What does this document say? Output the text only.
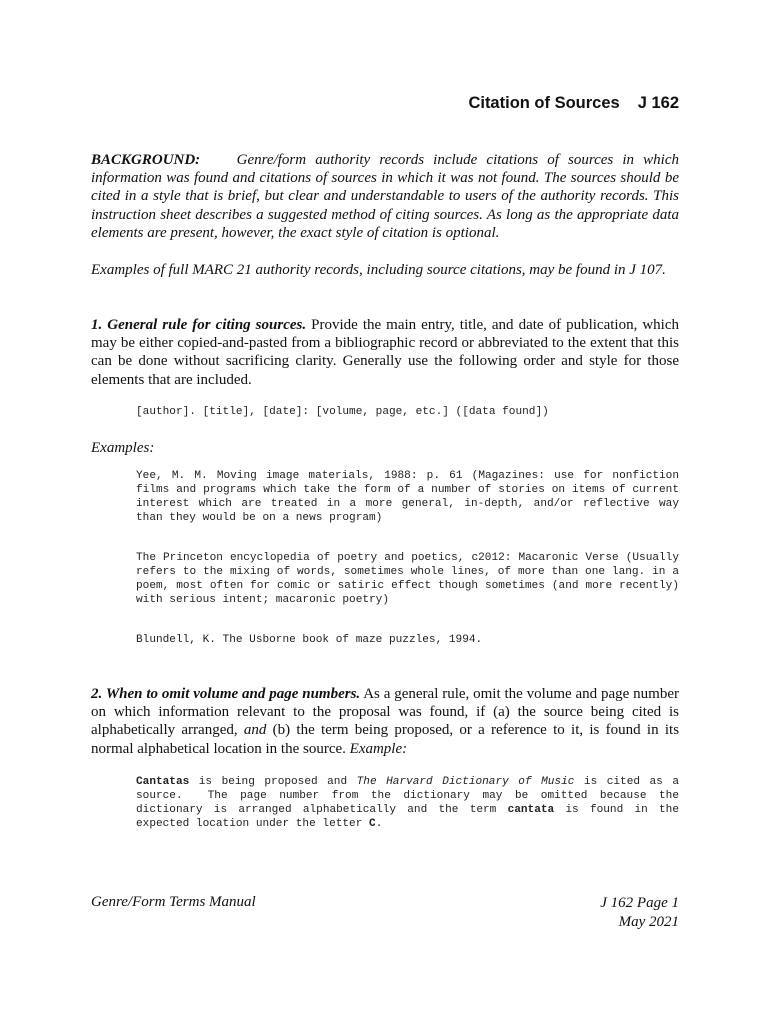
Citation of Sources J 162
BACKGROUND: Genre/form authority records include citations of sources in which information was found and citations of sources in which it was not found. The sources should be cited in a style that is brief, but clear and understandable to users of the authority records. This instruction sheet describes a suggested method of citing sources. As long as the appropriate data elements are present, however, the exact style of citation is optional.
Examples of full MARC 21 authority records, including source citations, may be found in J 107.
1. General rule for citing sources. Provide the main entry, title, and date of publication, which may be either copied-and-pasted from a bibliographic record or abbreviated to the extent that this can be done without sacrificing clarity. Generally use the following order and style for those elements that are included.
[author]. [title], [date]: [volume, page, etc.] ([data found])
Examples:
Yee, M. M. Moving image materials, 1988: p. 61 (Magazines: use for nonfiction films and programs which take the form of a number of stories on items of current interest which are treated in a more general, in-depth, and/or reflective way than they would be on a news program)
The Princeton encyclopedia of poetry and poetics, c2012: Macaronic Verse (Usually refers to the mixing of words, sometimes whole lines, of more than one lang. in a poem, most often for comic or satiric effect though sometimes (and more recently) with serious intent; macaronic poetry)
Blundell, K. The Usborne book of maze puzzles, 1994.
2. When to omit volume and page numbers. As a general rule, omit the volume and page number on which information relevant to the proposal was found, if (a) the source being cited is alphabetically arranged, and (b) the term being proposed, or a reference to it, is found in its normal alphabetical location in the source. Example:
Cantatas is being proposed and The Harvard Dictionary of Music is cited as a source.  The page number from the dictionary may be omitted because the dictionary is arranged alphabetically and the term cantata is found in the expected location under the letter C.
Genre/Form Terms Manual	J 162 Page 1
May 2021
